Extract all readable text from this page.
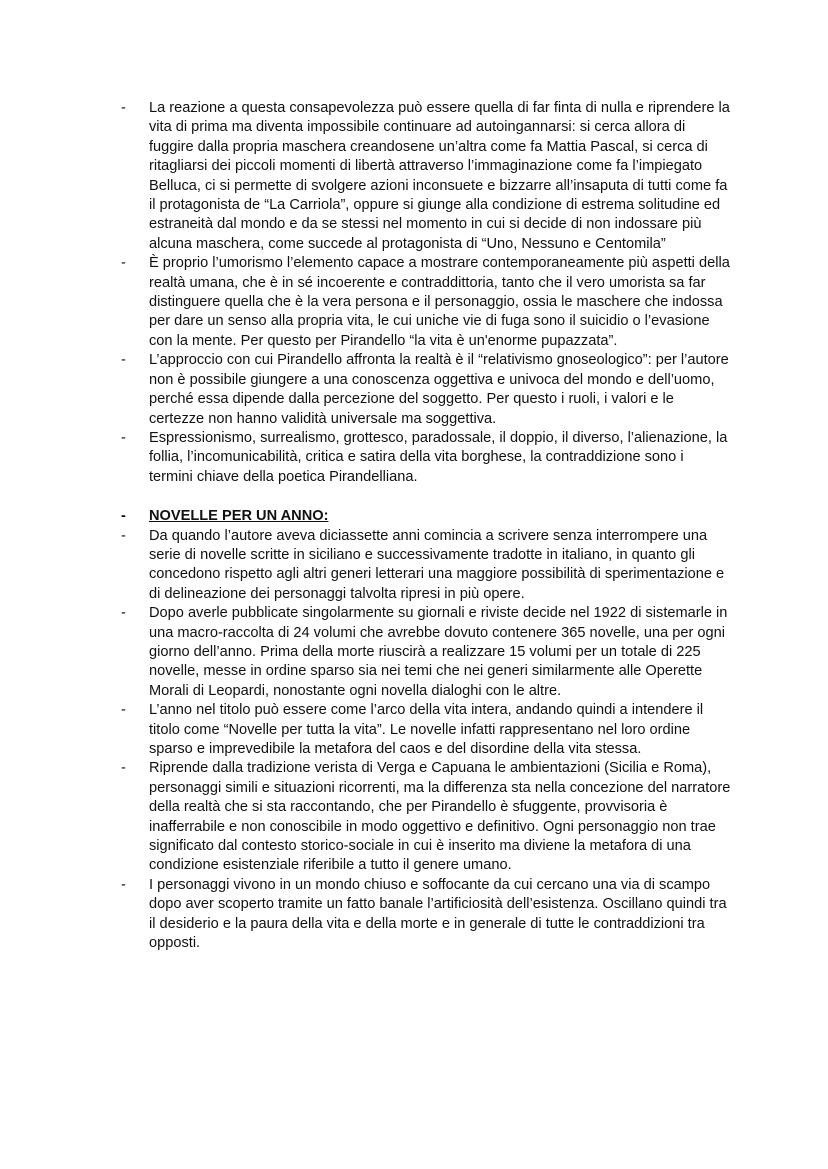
-	La reazione a questa consapevolezza può essere quella di far finta di nulla e riprendere la vita di prima ma diventa impossibile continuare ad autoingannarsi: si cerca allora di fuggire dalla propria maschera creandosene un’altra come fa Mattia Pascal, si cerca di ritagliarsi dei piccoli momenti di libertà attraverso l’immaginazione come fa l’impiegato Belluca, ci si permette di svolgere azioni inconsuete e bizzarre all’insaputa di tutti come fa il protagonista de “La Carriola”, oppure si giunge alla condizione di estrema solitudine ed estraneità dal mondo e da se stessi nel momento in cui si decide di non indossare più alcuna maschera, come succede al protagonista di “Uno, Nessuno e Centomila”
-	È proprio l’umorismo l’elemento capace a mostrare contemporaneamente più aspetti della realtà umana, che è in sé incoerente e contraddittoria, tanto che il vero umorista sa far distinguere quella che è la vera persona e il personaggio, ossia le maschere che indossa per dare un senso alla propria vita, le cui uniche vie di fuga sono il suicidio o l’evasione con la mente. Per questo per Pirandello “la vita è un'enorme pupazzata”.
-	L’approccio con cui Pirandello affronta la realtà è il “relativismo gnoseologico”: per l’autore non è possibile giungere a una conoscenza oggettiva e univoca del mondo e dell’uomo, perché essa dipende dalla percezione del soggetto. Per questo i ruoli, i valori e le certezze non hanno validità universale ma soggettiva.
-	Espressionismo, surrealismo, grottesco, paradossale, il doppio, il diverso, l’alienazione, la follia, l’incomunicabilità, critica e satira della vita borghese, la contraddizione sono i termini chiave della poetica Pirandelliana.
-	NOVELLE PER UN ANNO:
-	Da quando l’autore aveva diciassette anni comincia a scrivere senza interrompere una serie di novelle scritte in siciliano e successivamente tradotte in italiano, in quanto gli concedono rispetto agli altri generi letterari una maggiore possibilità di sperimentazione e di delineazione dei personaggi talvolta ripresi in più opere.
-	Dopo averle pubblicate singolarmente su giornali e riviste decide nel 1922 di sistemarle in una macro-raccolta di 24 volumi che avrebbe dovuto contenere 365 novelle, una per ogni giorno dell’anno. Prima della morte riuscirà a realizzare 15 volumi per un totale di 225 novelle, messe in ordine sparso sia nei temi che nei generi similarmente alle Operette Morali di Leopardi, nonostante ogni novella dialoghi con le altre.
-	L’anno nel titolo può essere come l’arco della vita intera, andando quindi a intendere il titolo come “Novelle per tutta la vita”. Le novelle infatti rappresentano nel loro ordine sparso e imprevedibile la metafora del caos e del disordine della vita stessa.
-	Riprende dalla tradizione verista di Verga e Capuana le ambientazioni (Sicilia e Roma), personaggi simili e situazioni ricorrenti, ma la differenza sta nella concezione del narratore della realtà che si sta raccontando, che per Pirandello è sfuggente, provvisoria è inafferrabile e non conoscibile in modo oggettivo e definitivo. Ogni personaggio non trae significato dal contesto storico-sociale in cui è inserito ma diviene la metafora di una condizione esistenziale riferibile a tutto il genere umano.
-	I personaggi vivono in un mondo chiuso e soffocante da cui cercano una via di scampo dopo aver scoperto tramite un fatto banale l’artificiosità dell’esistenza. Oscillano quindi tra il desiderio e la paura della vita e della morte e in generale di tutte le contraddizioni tra opposti.
